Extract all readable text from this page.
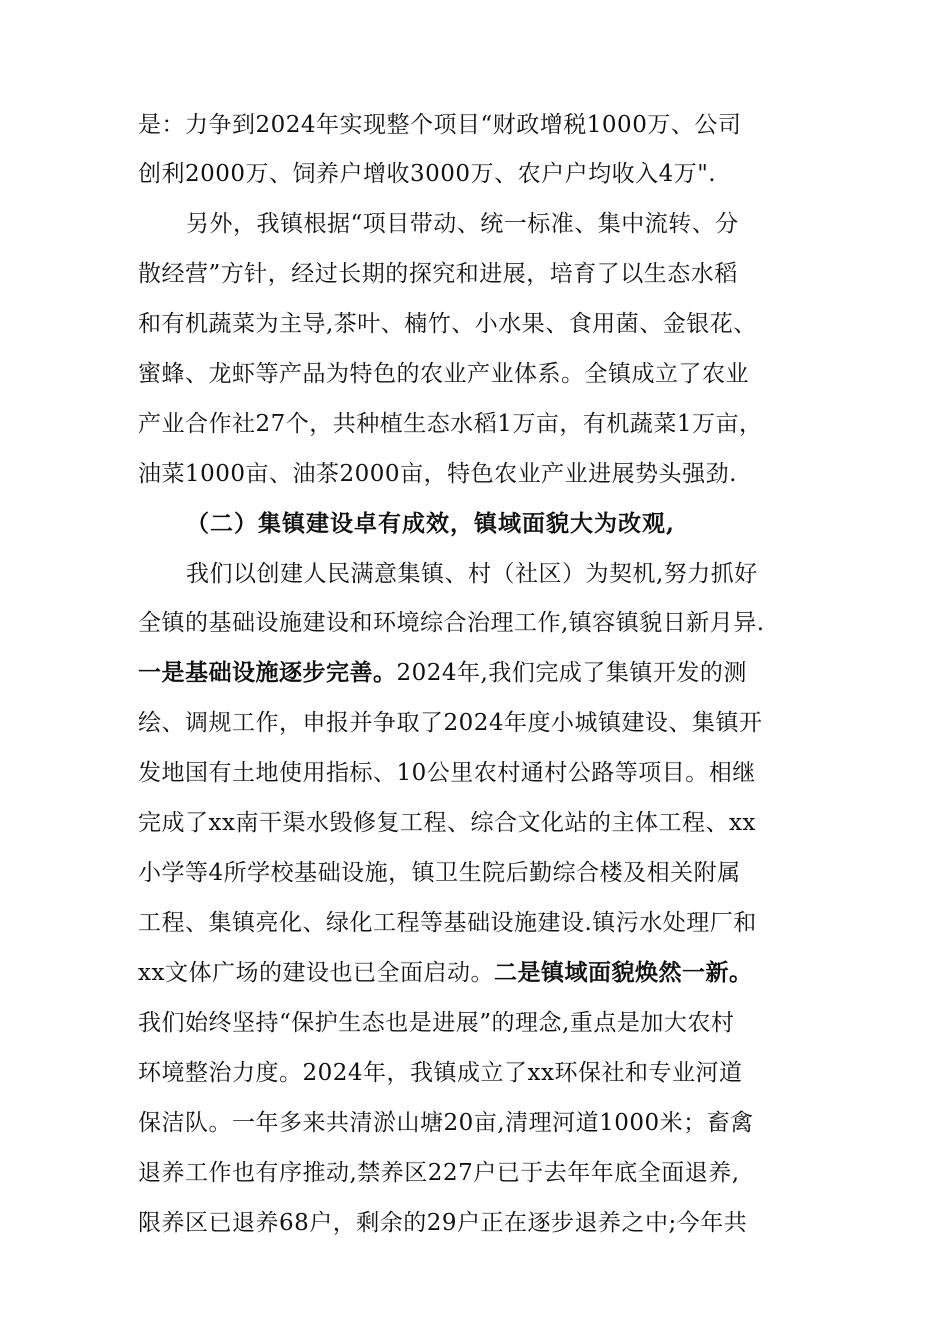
是：力争到2024年实现整个项目“财政增税1000万、公司
创利2000万、饲养户增收3000万、农户户均收入4万".
另外，我镇根据“项目带动、统一标准、集中流转、分
散经营”方针，经过长期的探究和进展，培育了以生态水稻
和有机蔬菜为主导,茶叶、楠竹、小水果、食用菌、金银花、
蜜蜂、龙虾等产品为特色的农业产业体系。全镇成立了农业
产业合作社27个，共种植生态水稻1万亩，有机蔬菜1万亩，
油菜1000亩、油茶2000亩，特色农业产业进展势头强劲.
（二）集镇建设卓有成效，镇域面貌大为改观,
我们以创建人民满意集镇、村（社区）为契机,努力抓好
全镇的基础设施建设和环境综合治理工作,镇容镇貌日新月异.
一是基础设施逐步完善。2024年,我们完成了集镇开发的测
绘、调规工作，申报并争取了2024年度小城镇建设、集镇开
发地国有土地使用指标、10公里农村通村公路等项目。相继
完成了xx南干渠水毁修复工程、综合文化站的主体工程、xx
小学等4所学校基础设施，镇卫生院后勤综合楼及相关附属
工程、集镇亮化、绿化工程等基础设施建设.镇污水处理厂和
xx文体广场的建设也已全面启动。二是镇域面貌焕然一新。
我们始终坚持“保护生态也是进展”的理念,重点是加大农村
环境整治力度。2024年，我镇成立了xx环保社和专业河道
保洁队。一年多来共清淤山塘20亩,清理河道1000米；畜禽
退养工作也有序推动,禁养区227户已于去年年底全面退养,
限养区已退养68户，剩余的29户正在逐步退养之中;今年共
